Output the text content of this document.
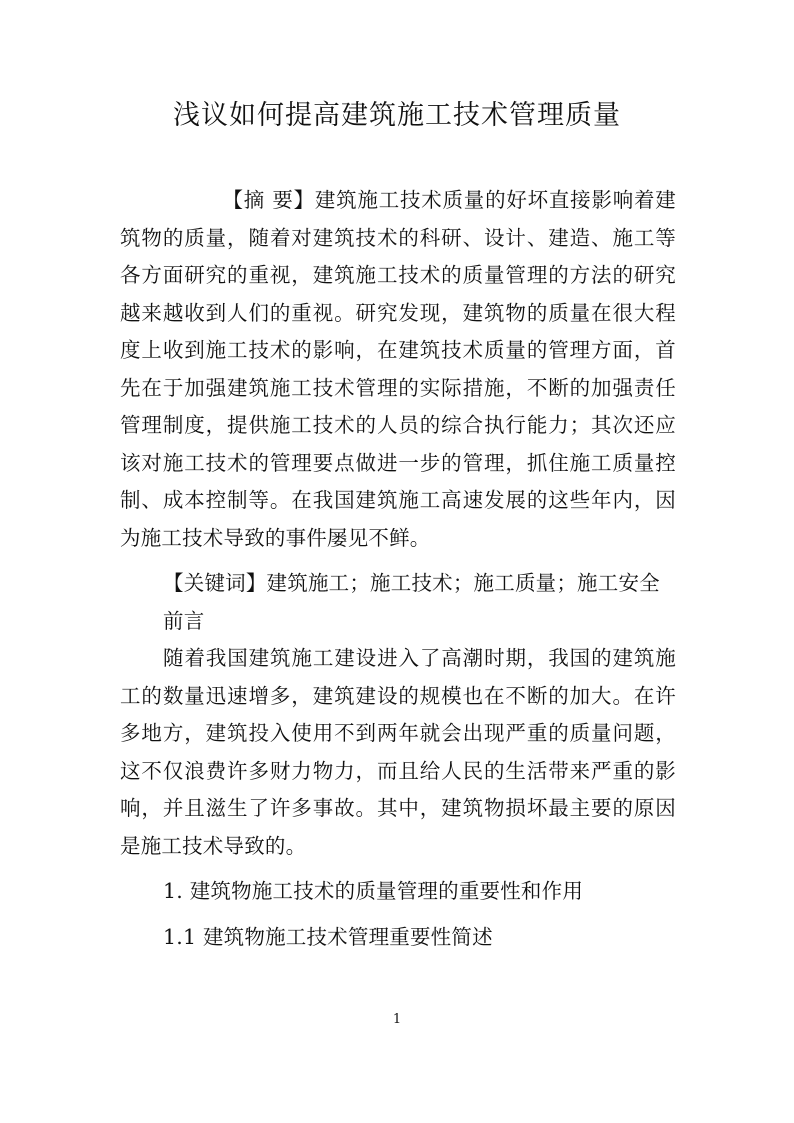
浅议如何提高建筑施工技术管理质量

【摘 要】建筑施工技术质量的好坏直接影响着建筑物的质量，随着对建筑技术的科研、设计、建造、施工等各方面研究的重视，建筑施工技术的质量管理的方法的研究越来越收到人们的重视。研究发现，建筑物的质量在很大程度上收到施工技术的影响，在建筑技术质量的管理方面，首先在于加强建筑施工技术管理的实际措施，不断的加强责任管理制度，提供施工技术的人员的综合执行能力；其次还应该对施工技术的管理要点做进一步的管理，抓住施工质量控制、成本控制等。在我国建筑施工高速发展的这些年内，因为施工技术导致的事件屡见不鲜。

【关键词】建筑施工；施工技术；施工质量；施工安全

前言

随着我国建筑施工建设进入了高潮时期，我国的建筑施工的数量迅速增多，建筑建设的规模也在不断的加大。在许多地方，建筑投入使用不到两年就会出现严重的质量问题，这不仅浪费许多财力物力，而且给人民的生活带来严重的影响，并且滋生了许多事故。其中，建筑物损坏最主要的原因是施工技术导致的。

1. 建筑物施工技术的质量管理的重要性和作用

1.1 建筑物施工技术管理重要性简述

1
